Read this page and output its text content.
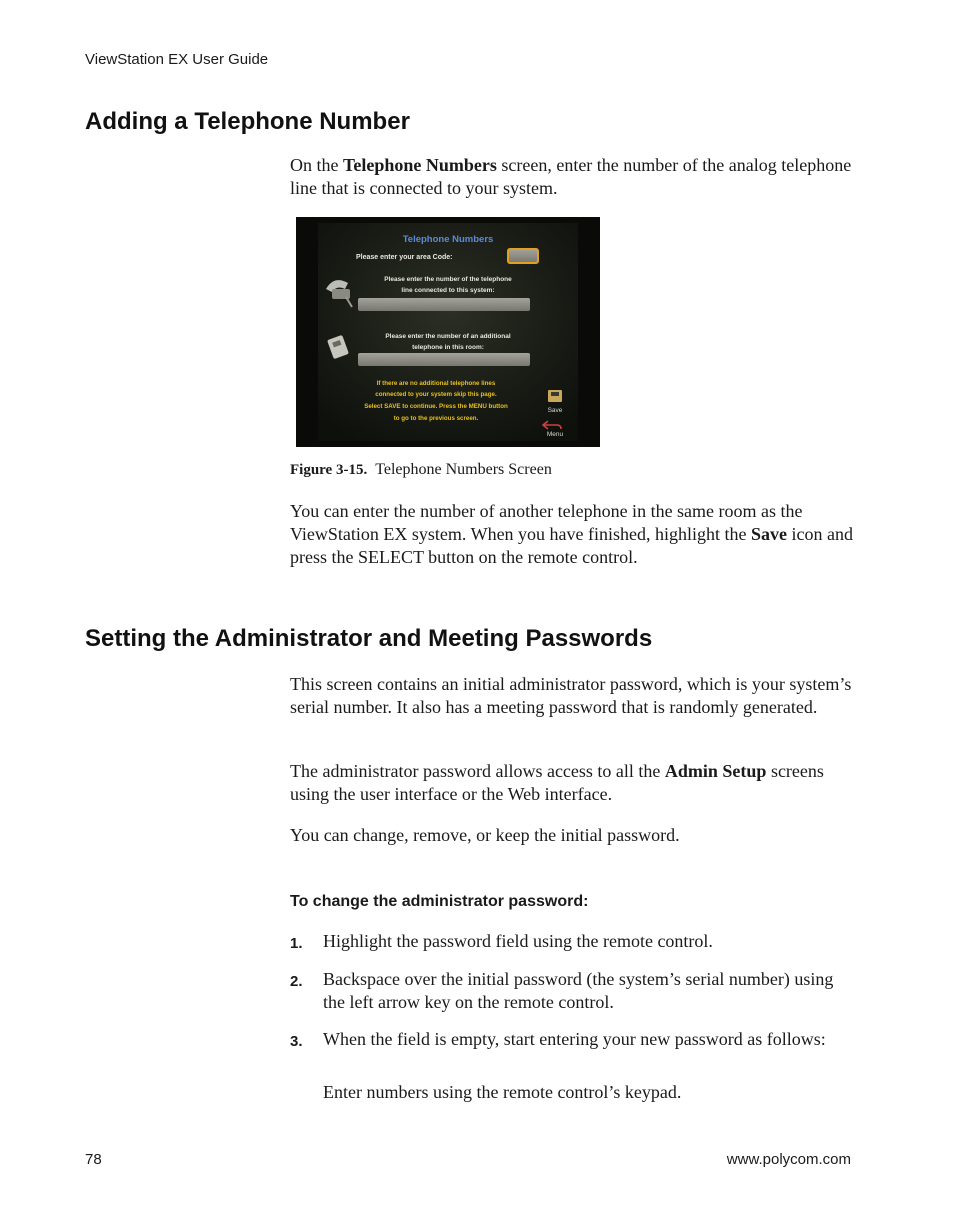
ViewStation EX User Guide
Adding a Telephone Number
On the Telephone Numbers screen, enter the number of the analog telephone line that is connected to your system.
Telephone Numbers
Please enter your area Code:
Please enter the number of the telephone
line connected to this system:
Please enter the number of an additional
telephone in this room:
If there are no additional telephone lines
connected to your system skip this page.
Select SAVE to continue. Press the MENU button
to go to the previous screen.
Save
Menu
Figure 3-15. Telephone Numbers Screen
You can enter the number of another telephone in the same room as the ViewStation EX system. When you have finished, highlight the Save icon and press the SELECT button on the remote control.
Setting the Administrator and Meeting Passwords
This screen contains an initial administrator password, which is your system’s serial number. It also has a meeting password that is randomly generated.
The administrator password allows access to all the Admin Setup screens using the user interface or the Web interface.
You can change, remove, or keep the initial password.
To change the administrator password:
1. Highlight the password field using the remote control.
2. Backspace over the initial password (the system’s serial number) using the left arrow key on the remote control.
3. When the field is empty, start entering your new password as follows:
Enter numbers using the remote control’s keypad.
78	www.polycom.com
